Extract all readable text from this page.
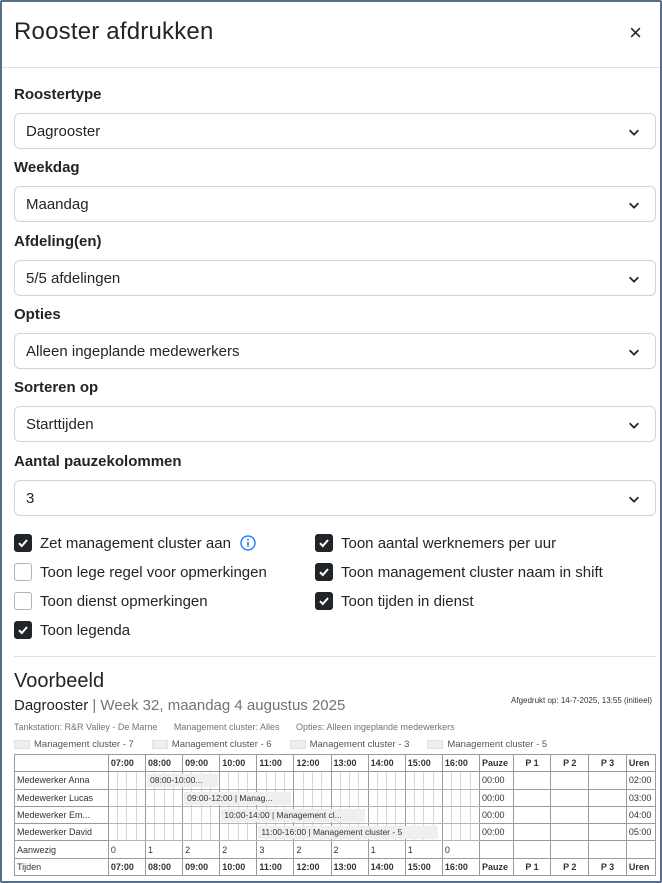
Rooster afdrukken	×
Roostertype
Dagrooster
Weekdag
Maandag
Afdeling(en)
5/5 afdelingen
Opties
Alleen ingeplande medewerkers
Sorteren op
Starttijden
Aantal pauzekolommen
3
Zet management cluster aan	Toon aantal werknemers per uur
Toon lege regel voor opmerkingen	Toon management cluster naam in shift
Toon dienst opmerkingen	Toon tijden in dienst
Toon legenda
Voorbeeld
Dagrooster | Week 32, maandag 4 augustus 2025	Afgedrukt op: 14-7-2025, 13:55 (initieel)
Tankstation: R&R Valley - De Marne Management cluster: Alles Opties: Alleen ingeplande medewerkers
Management cluster - 7	Management cluster - 6	Management cluster - 3	Management cluster - 5
	07:00				08:00				09:00				10:00				11:00				12:00				13:00				14:00				15:00				16:00				Pauze	P 1	P 2	P 3	Uren
Medewerker Anna					08:00-10:00...																																				00:00				02:00
Medewerker Lucas									09:00-12:00 | Manag...																																00:00				03:00
Medewerker Em...													10:00-14:00 | Management cl...																												00:00				04:00
Medewerker David																	11:00-16:00 | Management cluster - 5																								00:00				05:00
Aanwezig	0				1				2				2				3				2				2				1				1				0								
Tijden	07:00				08:00				09:00				10:00				11:00				12:00				13:00				14:00				15:00				16:00				Pauze	P 1	P 2	P 3	Uren
